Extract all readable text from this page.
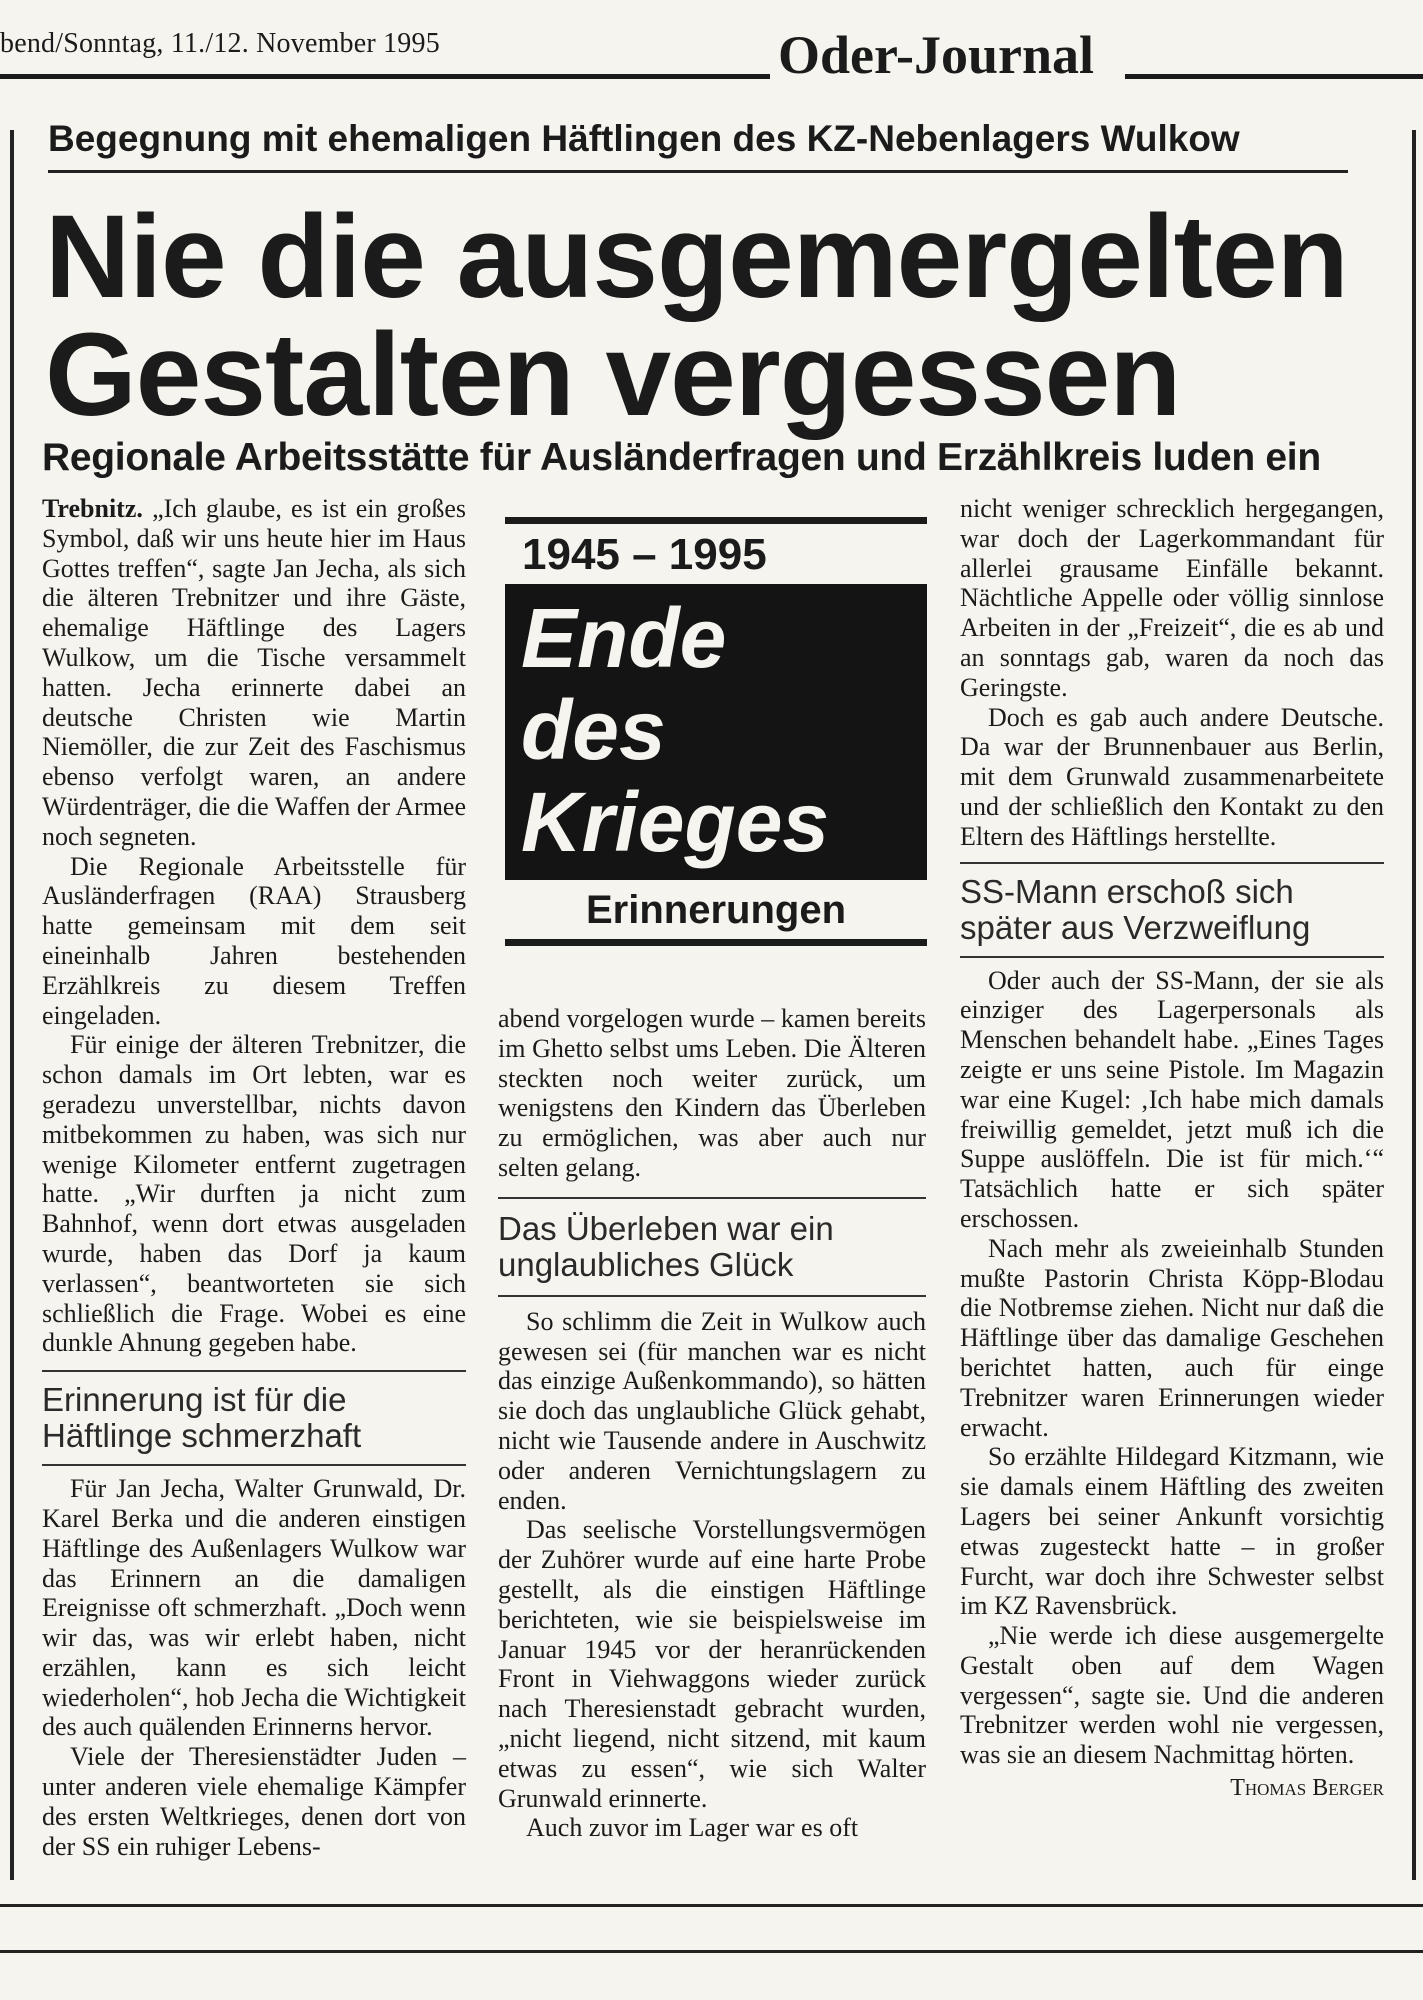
bend/Sonntag, 11./12. November 1995	Oder-Journal
Begegnung mit ehemaligen Häftlingen des KZ-Nebenlagers Wulkow
Nie die ausgemergelten
Gestalten vergessen
Regionale Arbeitsstätte für Ausländerfragen und Erzählkreis luden ein

Trebnitz. „Ich glaube, es ist ein großes Symbol, daß wir uns heute hier im Haus Gottes treffen“, sagte Jan Jecha, als sich die älteren Trebnitzer und ihre Gäste, ehemalige Häftlinge des Lagers Wulkow, um die Tische versammelt hatten. Jecha erinnerte dabei an deutsche Christen wie Martin Niemöller, die zur Zeit des Faschismus ebenso verfolgt waren, an andere Würdenträger, die die Waffen der Armee noch segneten.

Die Regionale Arbeitsstelle für Ausländerfragen (RAA) Strausberg hatte gemeinsam mit dem seit eineinhalb Jahren bestehenden Erzählkreis zu diesem Treffen eingeladen.

Für einige der älteren Trebnitzer, die schon damals im Ort lebten, war es geradezu unverstellbar, nichts davon mitbekommen zu haben, was sich nur wenige Kilometer entfernt zugetragen hatte. „Wir durften ja nicht zum Bahnhof, wenn dort etwas ausgeladen wurde, haben das Dorf ja kaum verlassen“, beantworteten sie sich schließlich die Frage. Wobei es eine dunkle Ahnung gegeben habe.

Erinnerung ist für die Häftlinge schmerzhaft

Für Jan Jecha, Walter Grunwald, Dr. Karel Berka und die anderen einstigen Häftlinge des Außenlagers Wulkow war das Erinnern an die damaligen Ereignisse oft schmerzhaft. „Doch wenn wir das, was wir erlebt haben, nicht erzählen, kann es sich leicht wiederholen“, hob Jecha die Wichtigkeit des auch quälenden Erinnerns hervor.

Viele der Theresienstädter Juden – unter anderen viele ehemalige Kämpfer des ersten Weltkrieges, denen dort von der SS ein ruhiger Lebens-

1945 – 1995
Ende
des
Krieges
Erinnerungen

abend vorgelogen wurde – kamen bereits im Ghetto selbst ums Leben. Die Älteren steckten noch weiter zurück, um wenigstens den Kindern das Überleben zu ermöglichen, was aber auch nur selten gelang.

Das Überleben war ein unglaubliches Glück

So schlimm die Zeit in Wulkow auch gewesen sei (für manchen war es nicht das einzige Außenkommando), so hätten sie doch das unglaubliche Glück gehabt, nicht wie Tausende andere in Auschwitz oder anderen Vernichtungslagern zu enden.

Das seelische Vorstellungsvermögen der Zuhörer wurde auf eine harte Probe gestellt, als die einstigen Häftlinge berichteten, wie sie beispielsweise im Januar 1945 vor der heranrückenden Front in Viehwaggons wieder zurück nach Theresienstadt gebracht wurden, „nicht liegend, nicht sitzend, mit kaum etwas zu essen“, wie sich Walter Grunwald erinnerte.

Auch zuvor im Lager war es oft

nicht weniger schrecklich hergegangen, war doch der Lagerkommandant für allerlei grausame Einfälle bekannt. Nächtliche Appelle oder völlig sinnlose Arbeiten in der „Freizeit“, die es ab und an sonntags gab, waren da noch das Geringste.

Doch es gab auch andere Deutsche. Da war der Brunnenbauer aus Berlin, mit dem Grunwald zusammenarbeitete und der schließlich den Kontakt zu den Eltern des Häftlings herstellte.

SS-Mann erschoß sich später aus Verzweiflung

Oder auch der SS-Mann, der sie als einziger des Lagerpersonals als Menschen behandelt habe. „Eines Tages zeigte er uns seine Pistole. Im Magazin war eine Kugel: ‚Ich habe mich damals freiwillig gemeldet, jetzt muß ich die Suppe auslöffeln. Die ist für mich.‘“ Tatsächlich hatte er sich später erschossen.

Nach mehr als zweieinhalb Stunden mußte Pastorin Christa Köpp-Blodau die Notbremse ziehen. Nicht nur daß die Häftlinge über das damalige Geschehen berichtet hatten, auch für einge Trebnitzer waren Erinnerungen wieder erwacht.

So erzählte Hildegard Kitzmann, wie sie damals einem Häftling des zweiten Lagers bei seiner Ankunft vorsichtig etwas zugesteckt hatte – in großer Furcht, war doch ihre Schwester selbst im KZ Ravensbrück.

„Nie werde ich diese ausgemergelte Gestalt oben auf dem Wagen vergessen“, sagte sie. Und die anderen Trebnitzer werden wohl nie vergessen, was sie an diesem Nachmittag hörten.

Thomas Berger
